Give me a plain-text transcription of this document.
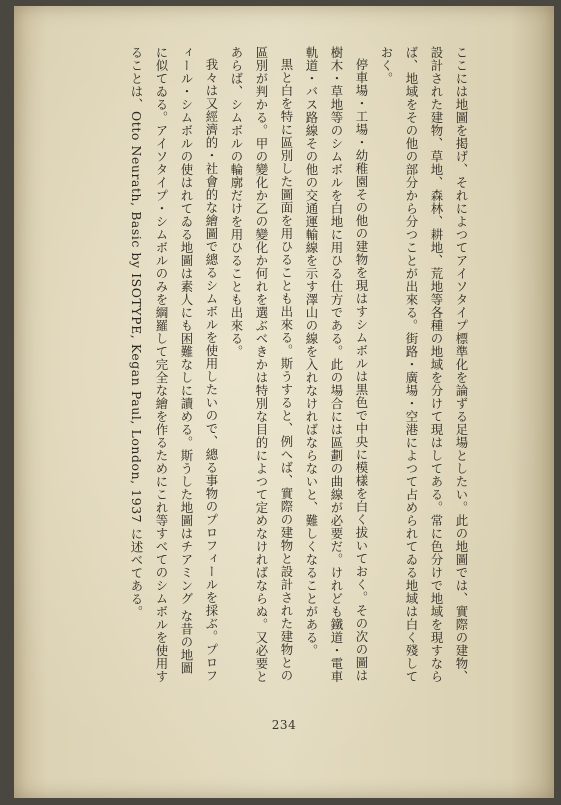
ここには地圖を掲げ、それによつてアイソタイプ標準化を論ずる足場としたい。此の地圖では、實際の建物、設計された建物、草地、森林、耕地、荒地等各種の地域を分けて現はしてある。常に色分けで地域を現すならば、地域をその他の部分から分つことが出來る。街路・廣場・空港によつて占められてゐる地域は白く殘しておく。

停車場・工場・幼稚園その他の建物を現はすシムボルは黒色で中央に模樣を白く拔いておく。その次の圖は樹木・草地等のシムボルを白地に用ひる仕方である。此の場合には區劃の曲線が必要だ。けれども鐵道・電車軌道・バス路線その他の交通運輸線を示す澤山の線を入れなければならないと、難しくなることがある。

黒と白を特に區別した圖面を用ひることも出來る。斯うすると、例へば、實際の建物と設計された建物との區別が判かる。甲の變化か乙の變化か何れを選ぶべきかは特別な目的によつて定めなければならぬ。又必要とあらば、シムボルの輪廓だけを用ひることも出來る。

我々は又經濟的・社會的な繪圖で總るシムボルを使用したいので、總る事物のプロフィールを採ぶ。プロフィール・シムボルの使はれてゐる地圖は素人にも困難なしに讀める。斯うした地圖はチアミング な昔の地圖に似てゐる。アイソタイプ・シムボルのみを綱羅して完全な繪を作るためにこれ等すべてのシムボルを使用することは、Otto Neurath, Basic by ISOTYPE, Kegan Paul, London, 1937 に述べてある。

234
